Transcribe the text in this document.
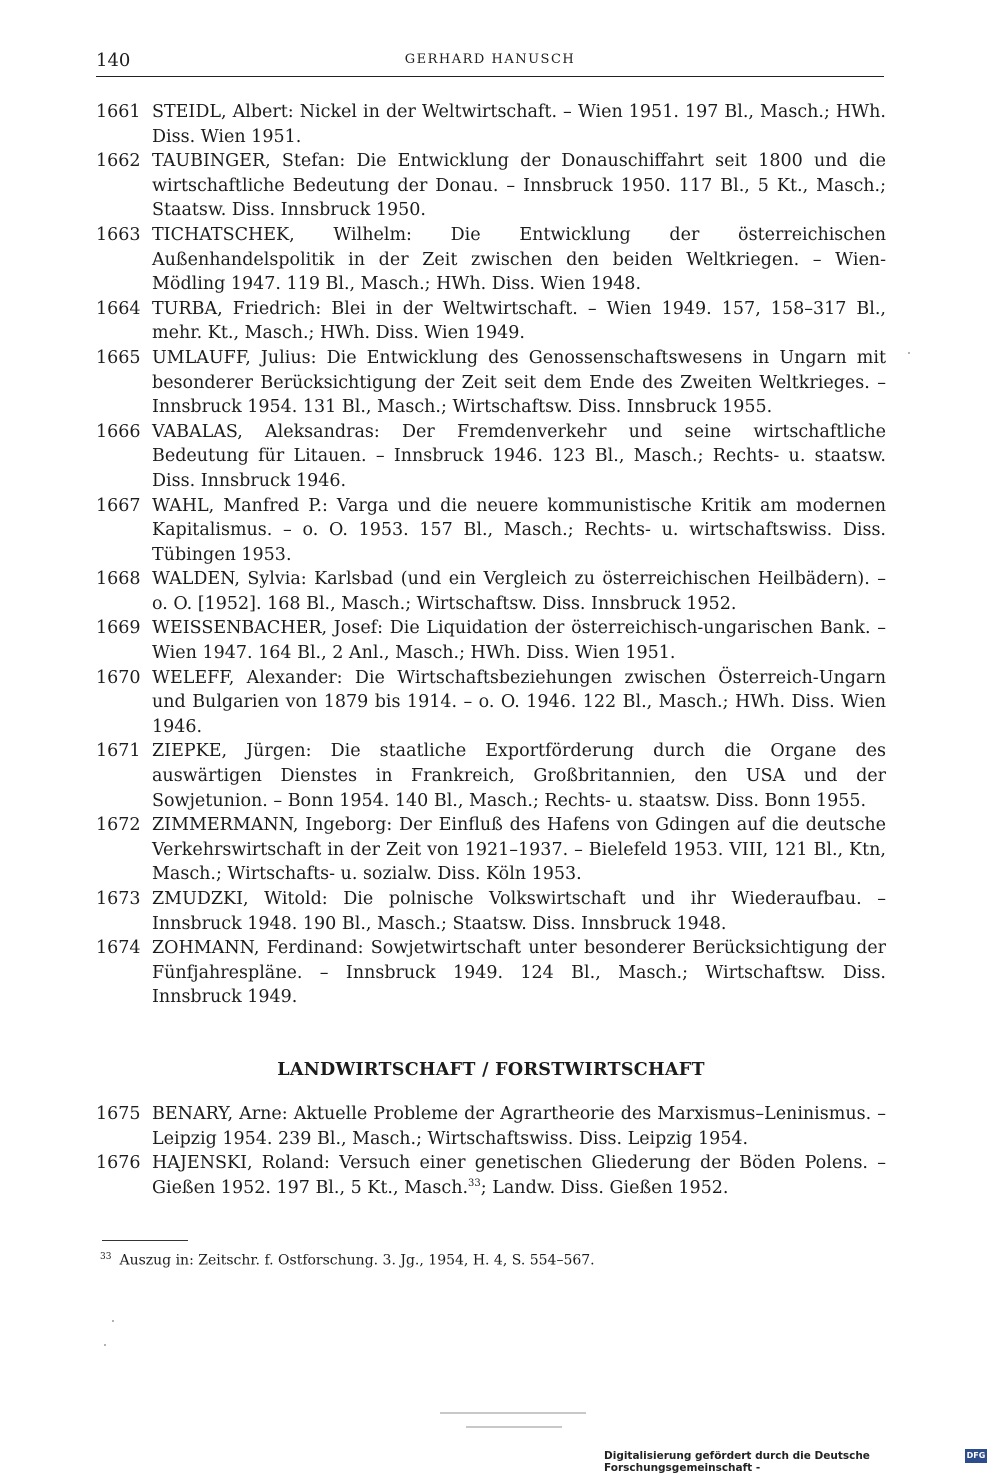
140	GERHARD HANUSCH
1661 STEIDL, Albert: Nickel in der Weltwirtschaft. – Wien 1951. 197 Bl., Masch.; HWh. Diss. Wien 1951.
1662 TAUBINGER, Stefan: Die Entwicklung der Donauschiffahrt seit 1800 und die wirtschaftliche Bedeutung der Donau. – Innsbruck 1950. 117 Bl., 5 Kt., Masch.; Staatsw. Diss. Innsbruck 1950.
1663 TICHATSCHEK, Wilhelm: Die Entwicklung der österreichischen Außenhandelspolitik in der Zeit zwischen den beiden Weltkriegen. – Wien-Mödling 1947. 119 Bl., Masch.; HWh. Diss. Wien 1948.
1664 TURBA, Friedrich: Blei in der Weltwirtschaft. – Wien 1949. 157, 158–317 Bl., mehr. Kt., Masch.; HWh. Diss. Wien 1949.
1665 UMLAUFF, Julius: Die Entwicklung des Genossenschaftswesens in Ungarn mit besonderer Berücksichtigung der Zeit seit dem Ende des Zweiten Weltkrieges. – Innsbruck 1954. 131 Bl., Masch.; Wirtschaftsw. Diss. Innsbruck 1955.
1666 VABALAS, Aleksandras: Der Fremdenverkehr und seine wirtschaftliche Bedeutung für Litauen. – Innsbruck 1946. 123 Bl., Masch.; Rechts- u. staatsw. Diss. Innsbruck 1946.
1667 WAHL, Manfred P.: Varga und die neuere kommunistische Kritik am modernen Kapitalismus. – o. O. 1953. 157 Bl., Masch.; Rechts- u. wirtschaftswiss. Diss. Tübingen 1953.
1668 WALDEN, Sylvia: Karlsbad (und ein Vergleich zu österreichischen Heilbädern). – o. O. [1952]. 168 Bl., Masch.; Wirtschaftsw. Diss. Innsbruck 1952.
1669 WEISSENBACHER, Josef: Die Liquidation der österreichisch-ungarischen Bank. – Wien 1947. 164 Bl., 2 Anl., Masch.; HWh. Diss. Wien 1951.
1670 WELEFF, Alexander: Die Wirtschaftsbeziehungen zwischen Österreich-Ungarn und Bulgarien von 1879 bis 1914. – o. O. 1946. 122 Bl., Masch.; HWh. Diss. Wien 1946.
1671 ZIEPKE, Jürgen: Die staatliche Exportförderung durch die Organe des auswärtigen Dienstes in Frankreich, Großbritannien, den USA und der Sowjetunion. – Bonn 1954. 140 Bl., Masch.; Rechts- u. staatsw. Diss. Bonn 1955.
1672 ZIMMERMANN, Ingeborg: Der Einfluß des Hafens von Gdingen auf die deutsche Verkehrswirtschaft in der Zeit von 1921–1937. – Bielefeld 1953. VIII, 121 Bl., Ktn, Masch.; Wirtschafts- u. sozialw. Diss. Köln 1953.
1673 ZMUDZKI, Witold: Die polnische Volkswirtschaft und ihr Wiederaufbau. – Innsbruck 1948. 190 Bl., Masch.; Staatsw. Diss. Innsbruck 1948.
1674 ZOHMANN, Ferdinand: Sowjetwirtschaft unter besonderer Berücksichtigung der Fünfjahrespläne. – Innsbruck 1949. 124 Bl., Masch.; Wirtschaftsw. Diss. Innsbruck 1949.
LANDWIRTSCHAFT / FORSTWIRTSCHAFT
1675 BENARY, Arne: Aktuelle Probleme der Agrartheorie des Marxismus–Leninismus. – Leipzig 1954. 239 Bl., Masch.; Wirtschaftswiss. Diss. Leipzig 1954.
1676 HAJENSKI, Roland: Versuch einer genetischen Gliederung der Böden Polens. – Gießen 1952. 197 Bl., 5 Kt., Masch.$^{33}$; Landw. Diss. Gießen 1952.
$^{33}$ Auszug in: Zeitschr. f. Ostforschung. 3. Jg., 1954, H. 4, S. 554–567.
Digitalisierung gefördert durch die Deutsche Forschungsgemeinschaft -
DFG
